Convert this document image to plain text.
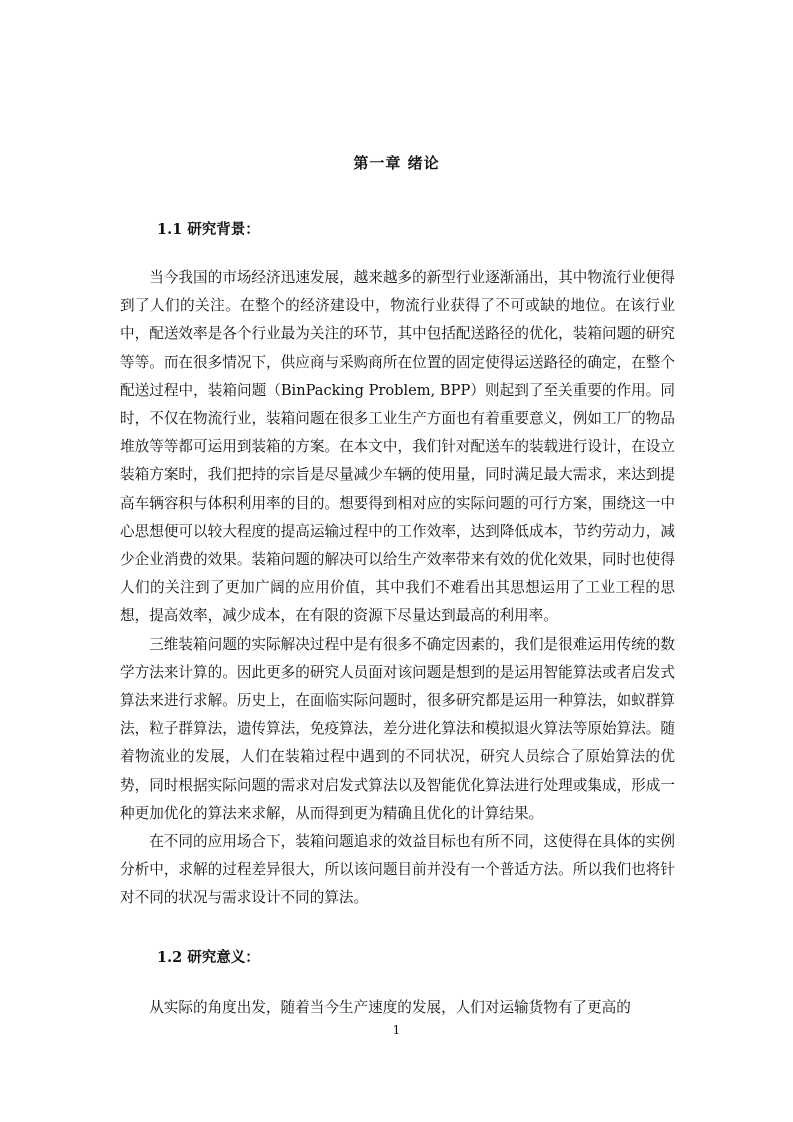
第一章 绪论
1.1 研究背景：

当今我国的市场经济迅速发展，越来越多的新型行业逐渐涌出，其中物流行业便得到了人们的关注。在整个的经济建设中，物流行业获得了不可或缺的地位。在该行业中，配送效率是各个行业最为关注的环节，其中包括配送路径的优化，装箱问题的研究等等。而在很多情况下，供应商与采购商所在位置的固定使得运送路径的确定，在整个配送过程中，装箱问题（BinPacking Problem, BPP）则起到了至关重要的作用。同时，不仅在物流行业，装箱问题在很多工业生产方面也有着重要意义，例如工厂的物品堆放等等都可运用到装箱的方案。在本文中，我们针对配送车的装载进行设计，在设立装箱方案时，我们把持的宗旨是尽量减少车辆的使用量，同时满足最大需求，来达到提高车辆容积与体积利用率的目的。想要得到相对应的实际问题的可行方案，围绕这一中心思想便可以较大程度的提高运输过程中的工作效率，达到降低成本，节约劳动力，减少企业消费的效果。装箱问题的解决可以给生产效率带来有效的优化效果，同时也使得人们的关注到了更加广阔的应用价值，其中我们不难看出其思想运用了工业工程的思想，提高效率，减少成本，在有限的资源下尽量达到最高的利用率。

三维装箱问题的实际解决过程中是有很多不确定因素的，我们是很难运用传统的数学方法来计算的。因此更多的研究人员面对该问题是想到的是运用智能算法或者启发式算法来进行求解。历史上，在面临实际问题时，很多研究都是运用一种算法，如蚁群算法，粒子群算法，遗传算法，免疫算法，差分进化算法和模拟退火算法等原始算法。随着物流业的发展，人们在装箱过程中遇到的不同状况，研究人员综合了原始算法的优势，同时根据实际问题的需求对启发式算法以及智能优化算法进行处理或集成，形成一种更加优化的算法来求解，从而得到更为精确且优化的计算结果。

在不同的应用场合下，装箱问题追求的效益目标也有所不同，这使得在具体的实例分析中，求解的过程差异很大，所以该问题目前并没有一个普适方法。所以我们也将针对不同的状况与需求设计不同的算法。

1.2 研究意义：

从实际的角度出发，随着当今生产速度的发展，人们对运输货物有了更高的

1
